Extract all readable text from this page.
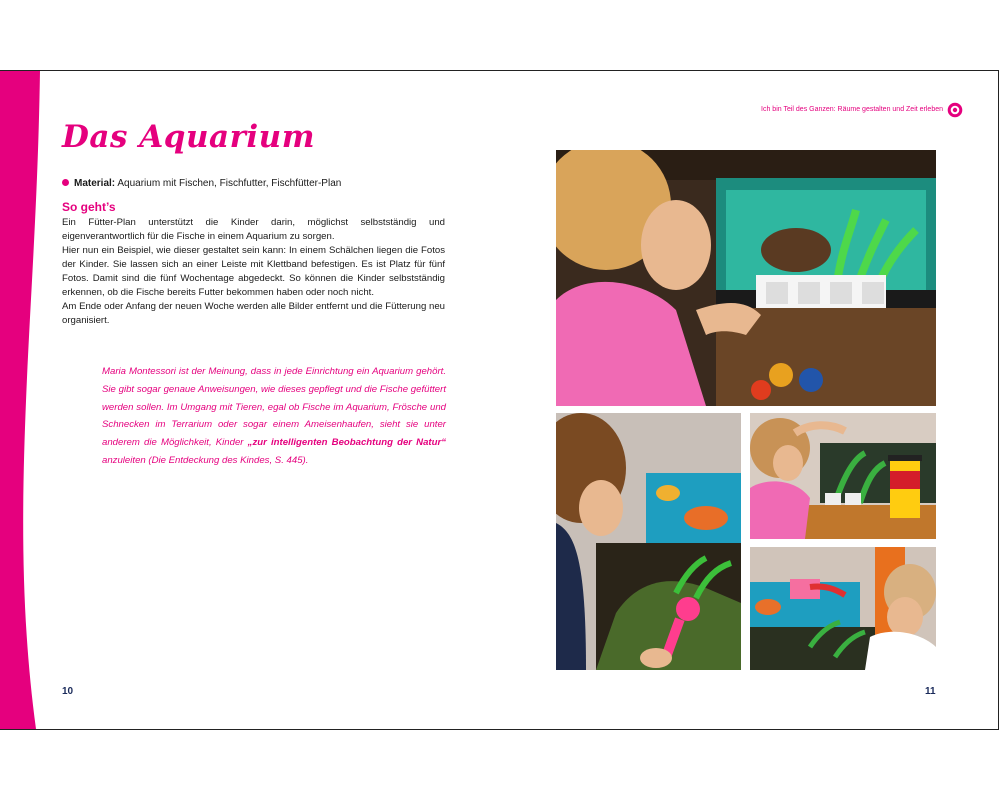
Das Aquarium
Material: Aquarium mit Fischen, Fischfutter, Fischfütter-Plan
So geht’s

Ein Fütter-Plan unterstützt die Kinder darin, möglichst selbstständig und eigenverantwortlich für die Fische in einem Aquarium zu sorgen.

Hier nun ein Beispiel, wie dieser gestaltet sein kann: In einem Schälchen liegen die Fotos der Kinder. Sie lassen sich an einer Leiste mit Klettband befestigen. Es ist Platz für fünf Fotos. Damit sind die fünf Wochentage abgedeckt. So können die Kinder selbstständig erkennen, ob die Fische bereits Futter bekommen haben oder noch nicht.

Am Ende oder Anfang der neuen Woche werden alle Bilder entfernt und die Fütterung neu organisiert.

Maria Montessori ist der Meinung, dass in jede Einrichtung ein Aquarium gehört. Sie gibt sogar genaue Anweisungen, wie dieses gepflegt und die Fische gefüttert werden sollen. Im Umgang mit Tieren, egal ob Fische im Aquarium, Frösche und Schnecken im Terrarium oder sogar einem Ameisenhaufen, sieht sie unter anderem die Möglichkeit, Kinder „zur intelligenten Beobachtung der Natur“ anzuleiten (Die Entdeckung des Kindes, S. 445).

10	11
Ich bin Teil des Ganzen: Räume gestalten und Zeit erleben
